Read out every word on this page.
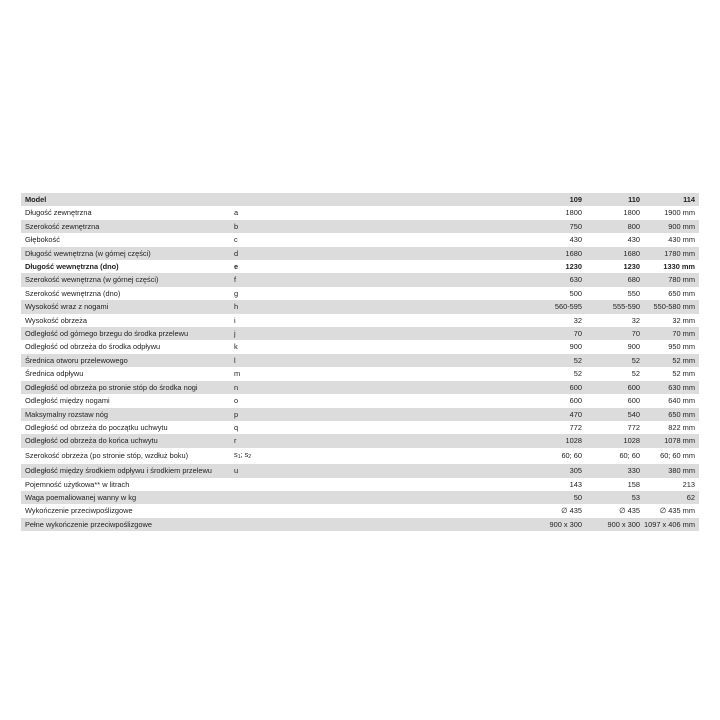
Model		109	110	114
Długość zewnętrzna	a	1800	1800	1900 mm
Szerokość zewnętrzna	b	750	800	900 mm
Głębokość	c	430	430	430 mm
Długość wewnętrzna (w górnej części)	d	1680	1680	1780 mm
Długość wewnętrzna (dno)	e	1230	1230	1330 mm
Szerokość wewnętrzna (w górnej części)	f	630	680	780 mm
Szerokość wewnętrzna (dno)	g	500	550	650 mm
Wysokość wraz z nogami	h	560-595	555-590	550-580 mm
Wysokość obrzeża	i	32	32	32 mm
Odległość od górnego brzegu do środka przelewu	j	70	70	70 mm
Odległość od obrzeża do środka odpływu	k	900	900	950 mm
Średnica otworu przelewowego	l	52	52	52 mm
Średnica odpływu	m	52	52	52 mm
Odległość od obrzeża po stronie stóp do środka nogi	n	600	600	630 mm
Odległość między nogami	o	600	600	640 mm
Maksymalny rozstaw nóg	p	470	540	650 mm
Odległość od obrzeża do początku uchwytu	q	772	772	822 mm
Odległość od obrzeża do końca uchwytu	r	1028	1028	1078 mm
Szerokość obrzeża (po stronie stóp, wzdłuż boku)	$s_1$; $s_2$	60; 60	60; 60	60; 60 mm
Odległość między środkiem odpływu i środkiem przelewu	u	305	330	380 mm
Pojemność użytkowa** w litrach		143	158	213
Waga poemaliowanej wanny w kg		50	53	62
Wykończenie przeciwpoślizgowe		∅ 435	∅ 435	∅ 435 mm
Pełne wykończenie przeciwpoślizgowe		900 x 300	900 x 300	1097 x 406 mm
